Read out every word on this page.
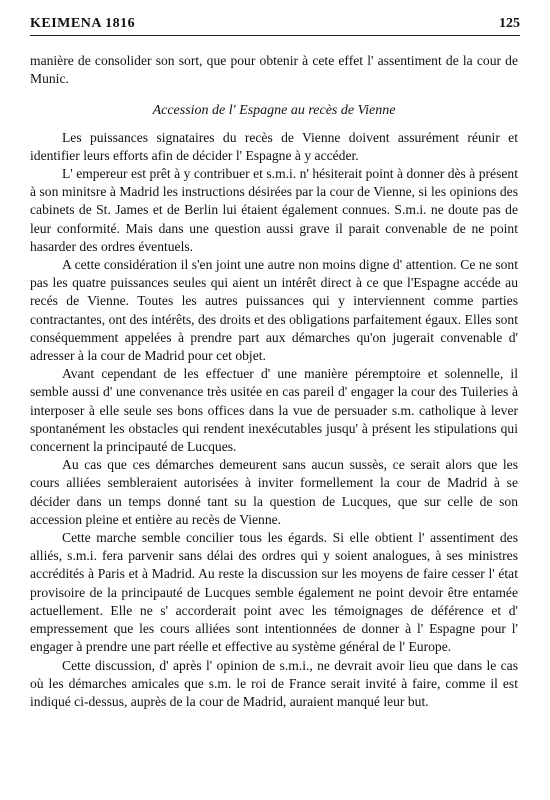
KEIMENA 1816	125

manière de consolider son sort, que pour obtenir à cete effet l' assentiment de la cour de Munic.

Accession de l' Espagne au recès de Vienne

Les puissances signataires du recès de Vienne doivent assurément réunir et identifier leurs efforts afin de décider l' Espagne à y accéder.

L' empereur est prêt à y contribuer et s.m.i. n' hésiterait point à donner dès à présent à son minitsre à Madrid les instructions désirées par la cour de Vienne, si les opinions des cabinets de St. James et de Berlin lui étaient également connues. S.m.i. ne doute pas de leur conformité. Mais dans une question aussi grave il parait convenable de ne point hasarder des ordres éventuels.

A cette considération il s'en joint une autre non moins digne d' attention. Ce ne sont pas les quatre puissances seules qui aient un intérêt direct à ce que l'Espagne accéde au recés de Vienne. Toutes les autres puissances qui y interviennent comme parties contractantes, ont des intérêts, des droits et des obligations parfaitement égaux. Elles sont conséquemment appelées à prendre part aux démarches qu'on jugerait convenable d' adresser à la cour de Madrid pour cet objet.

Avant cependant de les effectuer d' une manière péremptoire et solennelle, il semble aussi d' une convenance très usitée en cas pareil d' engager la cour des Tuileries à interposer à elle seule ses bons offices dans la vue de persuader s.m. catholique à lever spontanément les obstacles qui rendent inexécutables jusqu' à présent les stipulations qui concernent la principauté de Lucques.

Au cas que ces démarches demeurent sans aucun sussès, ce serait alors que les cours alliées sembleraient autorisées à inviter formellement la cour de Madrid à se décider dans un temps donné tant su la question de Lucques, que sur celle de son accession pleine et entière au recès de Vienne.

Cette marche semble concilier tous les égards. Si elle obtient l' assentiment des alliés, s.m.i. fera parvenir sans délai des ordres qui y soient analogues, à ses ministres accrédités à Paris et à Madrid. Au reste la discussion sur les moyens de faire cesser l' état provisoire de la principauté de Lucques semble également ne point devoir être entamée actuellement. Elle ne s' accorderait point avec les témoignages de déférence et d' empressement que les cours alliées sont intentionnées de donner à l' Espagne pour l' engager à prendre une part réelle et effective au système général de l' Europe.

Cette discussion, d' après l' opinion de s.m.i., ne devrait avoir lieu que dans le cas où les démarches amicales que s.m. le roi de France serait invité à faire, comme il est indiqué ci-dessus, auprès de la cour de Madrid, auraient manqué leur but.
